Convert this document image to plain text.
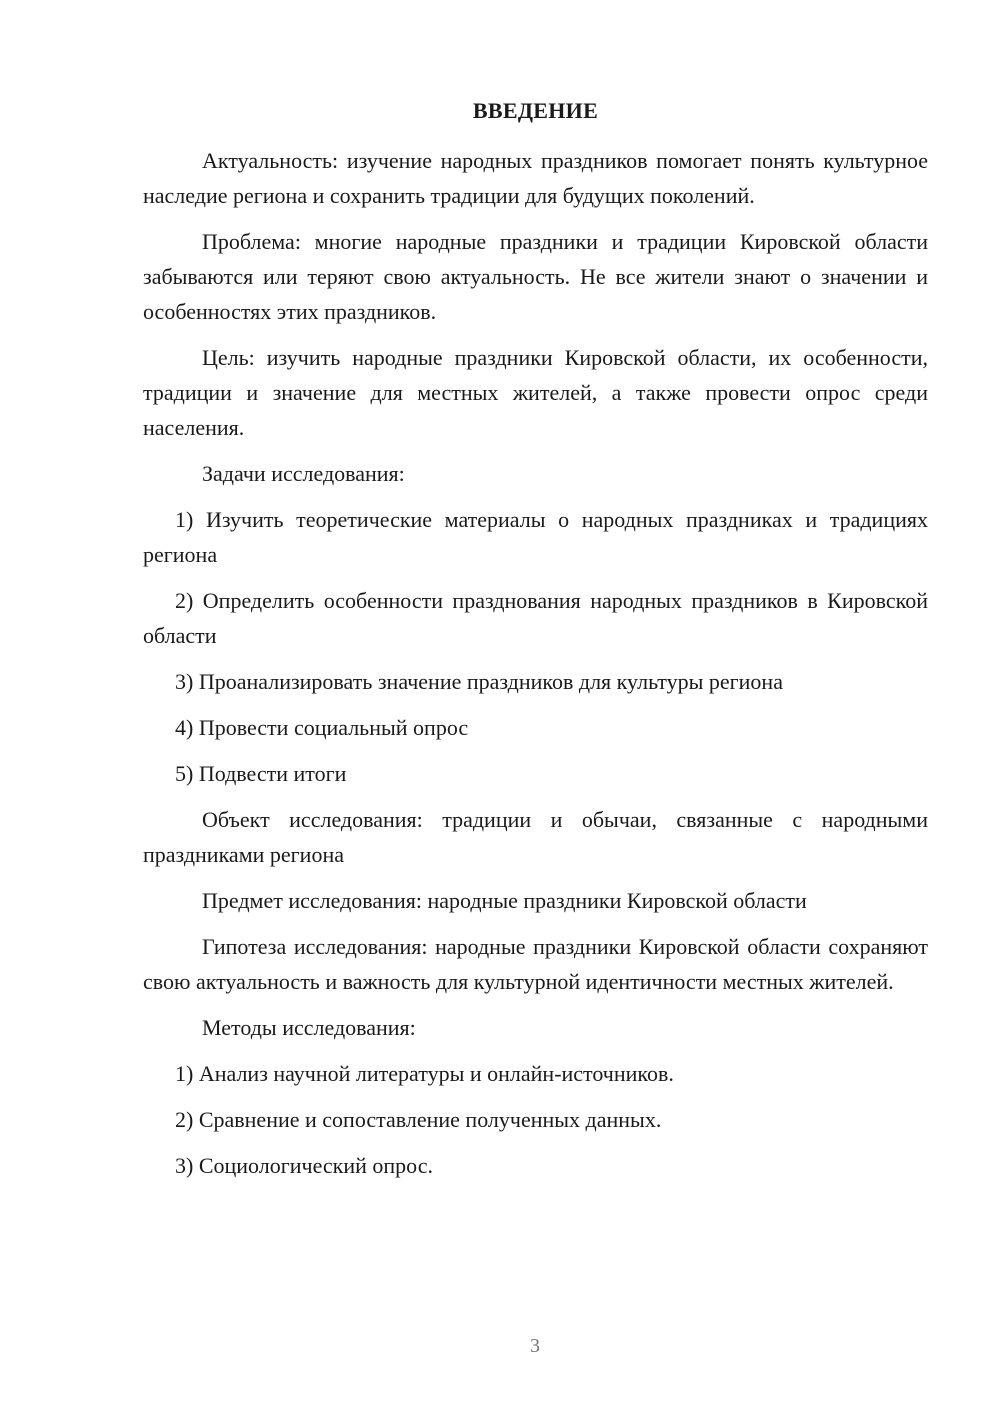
ВВЕДЕНИЕ

Актуальность: изучение народных праздников помогает понять культурное наследие региона и сохранить традиции для будущих поколений.

Проблема: многие народные праздники и традиции Кировской области забываются или теряют свою актуальность. Не все жители знают о значении и особенностях этих праздников.

Цель: изучить народные праздники Кировской области, их особенности, традиции и значение для местных жителей, а также провести опрос среди населения.

Задачи исследования:

1) Изучить теоретические материалы о народных праздниках и традициях региона

2) Определить особенности празднования народных праздников в Кировской области

3) Проанализировать значение праздников для культуры региона

4) Провести социальный опрос

5) Подвести итоги

Объект исследования: традиции и обычаи, связанные с народными праздниками региона

Предмет исследования: народные праздники Кировской области

Гипотеза исследования: народные праздники Кировской области сохраняют свою актуальность и важность для культурной идентичности местных жителей.

Методы исследования:

1) Анализ научной литературы и онлайн-источников.

2) Сравнение и сопоставление полученных данных.

3) Социологический опрос.

3
